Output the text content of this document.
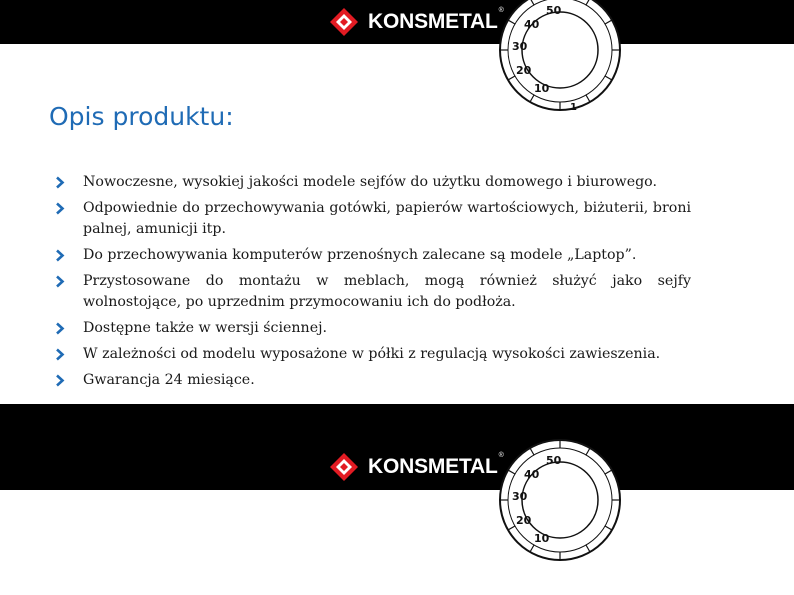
50
40
30
20
10
1
50
40
30
20
10
KONSMETAL ®
KONSMETAL ®
Opis produktu:
Nowoczesne, wysokiej jakości modele sejfów do użytku domowego i biurowego.
Odpowiednie do przechowywania gotówki, papierów wartościowych, biżuterii, broni palnej, amunicji itp.
Do przechowywania komputerów przenośnych zalecane są modele „Laptop”.
Przystosowane do montażu w meblach, mogą również służyć jako sejfy wolnostojące, po uprzednim przymocowaniu ich do podłoża.
Dostępne także w wersji ściennej.
W zależności od modelu wyposażone w półki z regulacją wysokości zawieszenia.
Gwarancja 24 miesiące.
